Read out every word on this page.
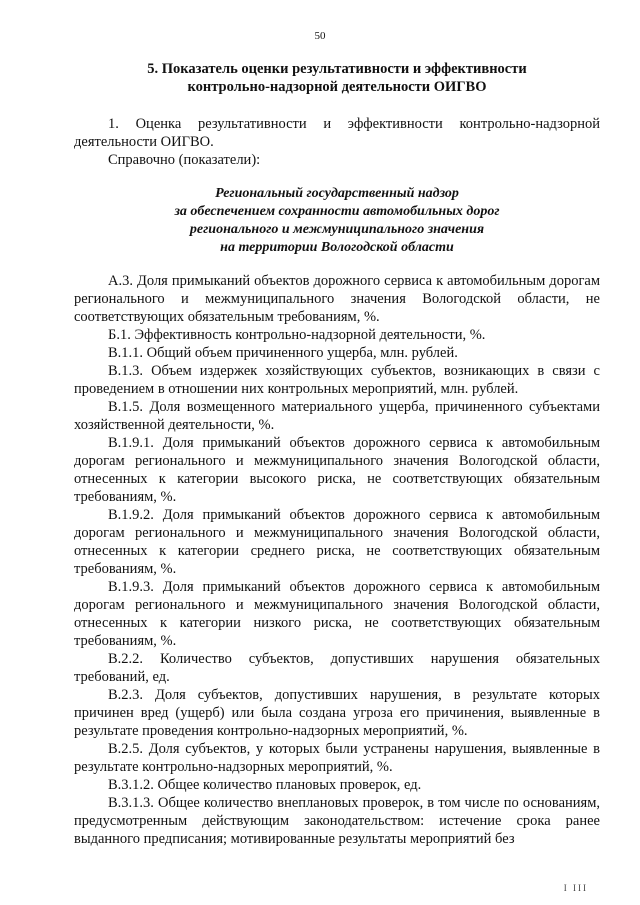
50
5. Показатель оценки результативности и эффективности
контрольно-надзорной деятельности ОИГВО

1. Оценка результативности и эффективности контрольно-надзорной деятельности ОИГВО.

Справочно (показатели):

Региональный государственный надзор
за обеспечением сохранности автомобильных дорог
регионального и межмуниципального значения
на территории Вологодской области

А.3. Доля примыканий объектов дорожного сервиса к автомобильным дорогам регионального и межмуниципального значения Вологодской области, не соответствующих обязательным требованиям, %.

Б.1. Эффективность контрольно-надзорной деятельности, %.

В.1.1. Общий объем причиненного ущерба, млн. рублей.

В.1.3. Объем издержек хозяйствующих субъектов, возникающих в связи с проведением в отношении них контрольных мероприятий, млн. рублей.

В.1.5. Доля возмещенного материального ущерба, причиненного субъектами хозяйственной деятельности, %.

В.1.9.1. Доля примыканий объектов дорожного сервиса к автомобильным дорогам регионального и межмуниципального значения Вологодской области, отнесенных к категории высокого риска, не соответствующих обязательным требованиям, %.

В.1.9.2. Доля примыканий объектов дорожного сервиса к автомобильным дорогам регионального и межмуниципального значения Вологодской области, отнесенных к категории среднего риска, не соответствующих обязательным требованиям, %.

В.1.9.3. Доля примыканий объектов дорожного сервиса к автомобильным дорогам регионального и межмуниципального значения Вологодской области, отнесенных к категории низкого риска, не соответствующих обязательным требованиям, %.

В.2.2. Количество субъектов, допустивших нарушения обязательных требований, ед.

В.2.3. Доля субъектов, допустивших нарушения, в результате которых причинен вред (ущерб) или была создана угроза его причинения, выявленные в результате проведения контрольно-надзорных мероприятий, %.

В.2.5. Доля субъектов, у которых были устранены нарушения, выявленные в результате контрольно-надзорных мероприятий, %.

В.3.1.2. Общее количество плановых проверок, ед.

В.3.1.3. Общее количество внеплановых проверок, в том числе по основаниям, предусмотренным действующим законодательством: истечение срока ранее выданного предписания; мотивированные результаты мероприятий без

I III
